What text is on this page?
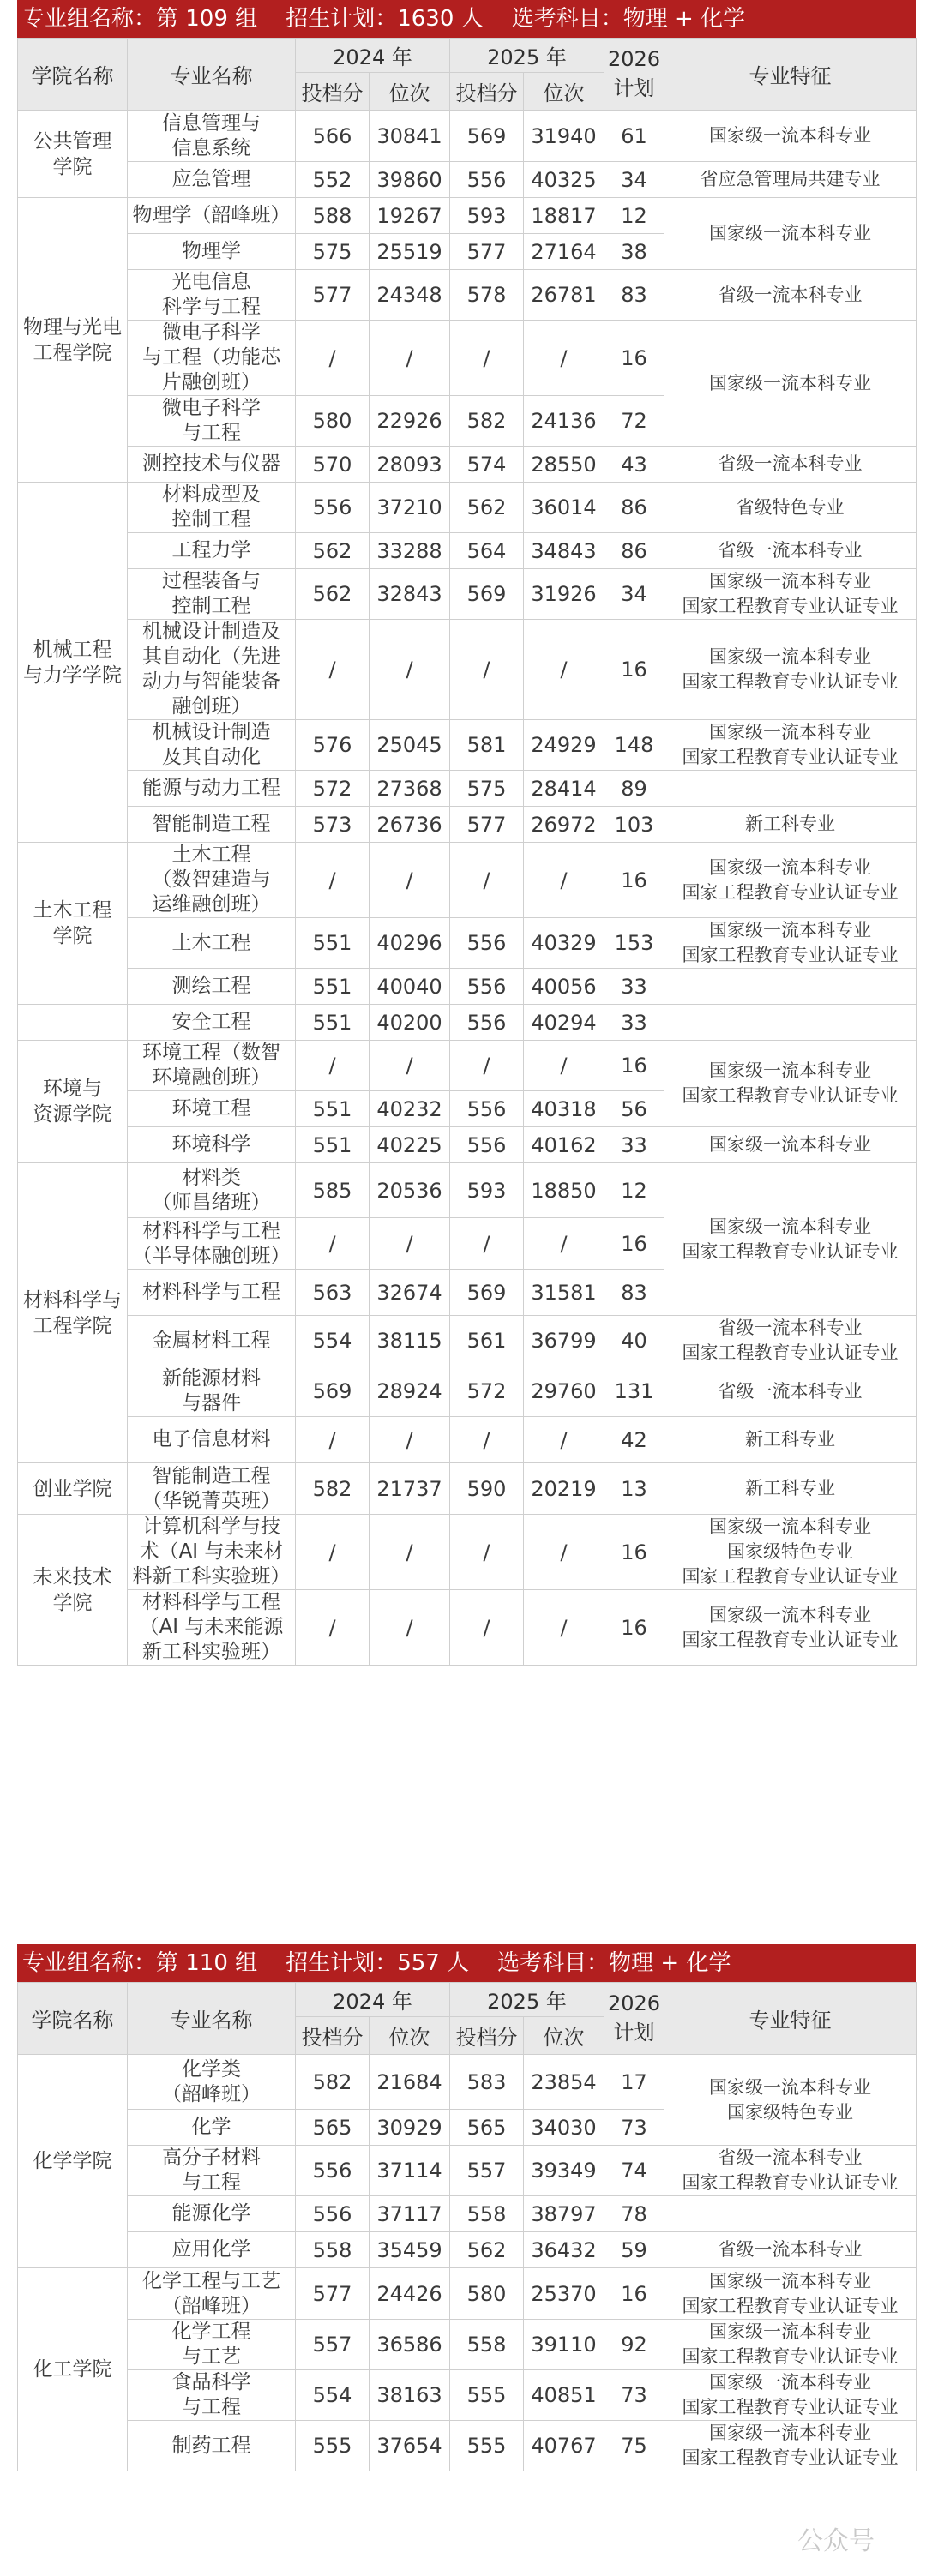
专业组名称：第 109 组    招生计划：1630 人    选考科目：物理 + 化学
学院名称	专业名称	2024 年		2025 年		2026
计划	专业特征
		投档分	位次	投档分	位次		
公共管理
学院	信息管理与
信息系统	566	30841	569	31940	61	国家级一流本科专业
	应急管理	552	39860	556	40325	34	省应急管理局共建专业
物理与光电
工程学院	物理学（韶峰班）	588	19267	593	18817	12	国家级一流本科专业
	物理学	575	25519	577	27164	38	
	光电信息
科学与工程	577	24348	578	26781	83	省级一流本科专业
	微电子科学
与工程（功能芯
片融创班）	/	/	/	/	16	国家级一流本科专业
	微电子科学
与工程	580	22926	582	24136	72	
	测控技术与仪器	570	28093	574	28550	43	省级一流本科专业
机械工程
与力学学院	材料成型及
控制工程	556	37210	562	36014	86	省级特色专业
	工程力学	562	33288	564	34843	86	省级一流本科专业
	过程装备与
控制工程	562	32843	569	31926	34	国家级一流本科专业
国家工程教育专业认证专业
	机械设计制造及
其自动化（先进
动力与智能装备
融创班）	/	/	/	/	16	国家级一流本科专业
国家工程教育专业认证专业
	机械设计制造
及其自动化	576	25045	581	24929	148	国家级一流本科专业
国家工程教育专业认证专业
	能源与动力工程	572	27368	575	28414	89	
	智能制造工程	573	26736	577	26972	103	新工科专业
土木工程
学院	土木工程
（数智建造与
运维融创班）	/	/	/	/	16	国家级一流本科专业
国家工程教育专业认证专业
	土木工程	551	40296	556	40329	153	国家级一流本科专业
国家工程教育专业认证专业
	测绘工程	551	40040	556	40056	33	
	安全工程	551	40200	556	40294	33	
环境与
资源学院	环境工程（数智
环境融创班）	/	/	/	/	16	国家级一流本科专业
国家工程教育专业认证专业
	环境工程	551	40232	556	40318	56	
	环境科学	551	40225	556	40162	33	国家级一流本科专业
材料科学与
工程学院	材料类
（师昌绪班）	585	20536	593	18850	12	国家级一流本科专业
国家工程教育专业认证专业
	材料科学与工程
（半导体融创班）	/	/	/	/	16	
	材料科学与工程	563	32674	569	31581	83	
	金属材料工程	554	38115	561	36799	40	省级一流本科专业
国家工程教育专业认证专业
	新能源材料
与器件	569	28924	572	29760	131	省级一流本科专业
	电子信息材料	/	/	/	/	42	新工科专业
创业学院	智能制造工程
（华锐菁英班）	582	21737	590	20219	13	新工科专业
未来技术
学院	计算机科学与技
术（AI 与未来材
料新工科实验班）	/	/	/	/	16	国家级一流本科专业
国家级特色专业
国家工程教育专业认证专业
	材料科学与工程
（AI 与未来能源
新工科实验班）	/	/	/	/	16	国家级一流本科专业
国家工程教育专业认证专业
专业组名称：第 110 组    招生计划：557 人    选考科目：物理 + 化学
学院名称	专业名称	2024 年		2025 年		2026
计划	专业特征
		投档分	位次	投档分	位次		
化学学院	化学类
（韶峰班）	582	21684	583	23854	17	国家级一流本科专业
国家级特色专业
	化学	565	30929	565	34030	73	
	高分子材料
与工程	556	37114	557	39349	74	省级一流本科专业
国家工程教育专业认证专业
	能源化学	556	37117	558	38797	78	
	应用化学	558	35459	562	36432	59	省级一流本科专业
化工学院	化学工程与工艺
（韶峰班）	577	24426	580	25370	16	国家级一流本科专业
国家工程教育专业认证专业
	化学工程
与工艺	557	36586	558	39110	92	国家级一流本科专业
国家工程教育专业认证专业
	食品科学
与工程	554	38163	555	40851	73	国家级一流本科专业
国家工程教育专业认证专业
	制药工程	555	37654	555	40767	75	国家级一流本科专业
国家工程教育专业认证专业
公众号
